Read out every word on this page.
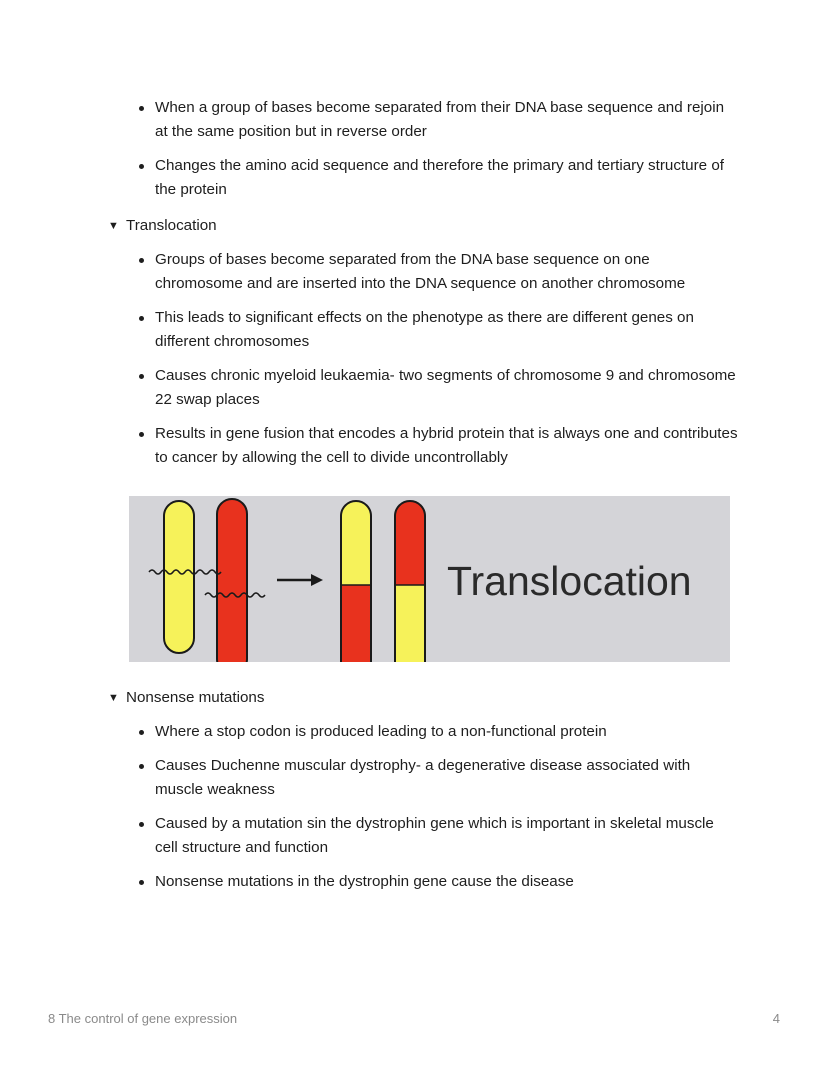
When a group of bases become separated from their DNA base sequence and rejoin at the same position but in reverse order
Changes the amino acid sequence and therefore the primary and tertiary structure of the protein
▼ Translocation
Groups of bases become separated from the DNA base sequence on one chromosome and are inserted into the DNA sequence on another chromosome
This leads to significant effects on the phenotype as there are different genes on different chromosomes
Causes chronic myeloid leukaemia- two segments of chromosome 9 and chromosome 22 swap places
Results in gene fusion that encodes a hybrid protein that is always one and contributes to cancer by allowing the cell to divide uncontrollably
Translocation
▼ Nonsense mutations
Where a stop codon is produced leading to a non-functional protein
Causes Duchenne muscular dystrophy- a degenerative disease associated with muscle weakness
Caused by a mutation sin the dystrophin gene which is important in skeletal muscle cell structure and function
Nonsense mutations in the dystrophin gene cause the disease
8 The control of gene expression	4
